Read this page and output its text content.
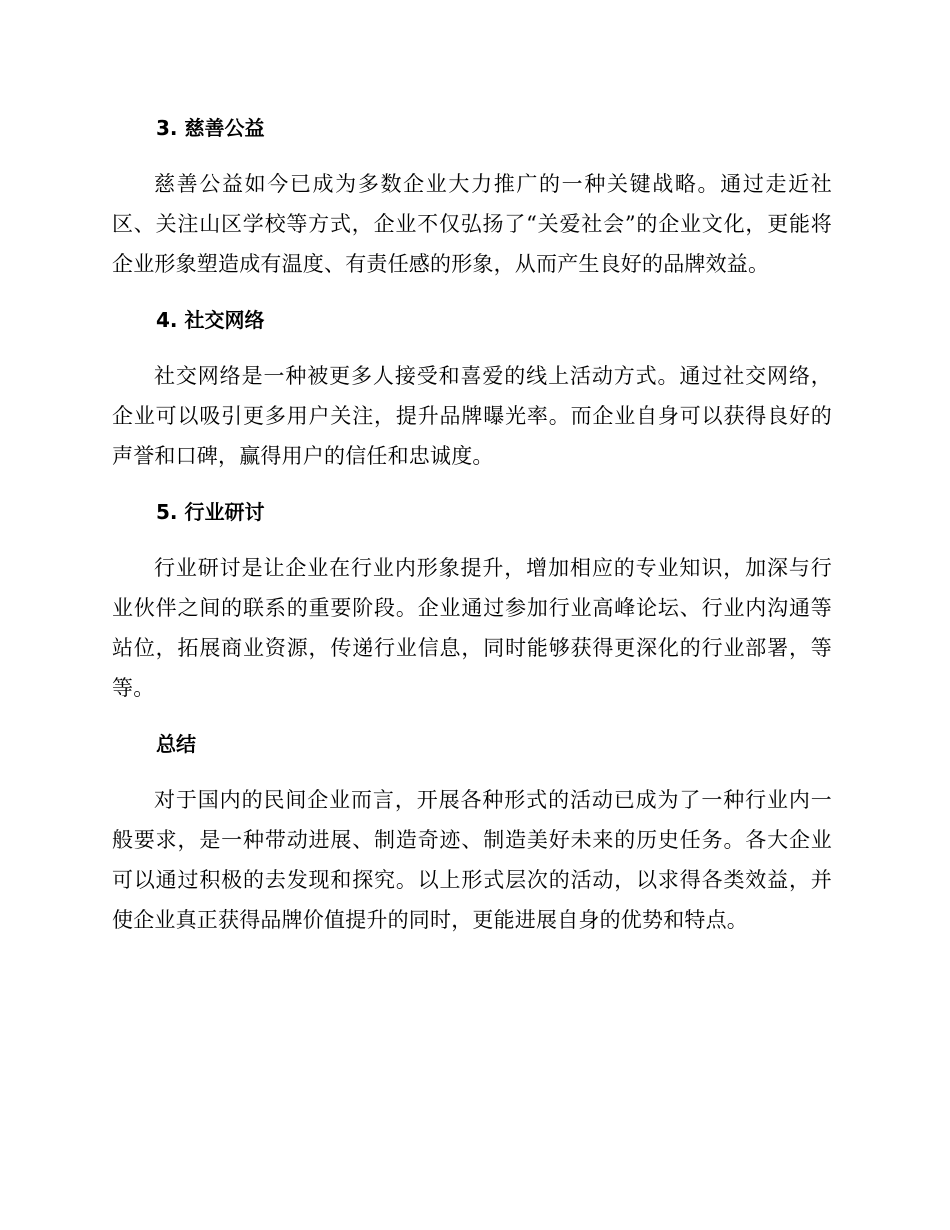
3. 慈善公益

慈善公益如今已成为多数企业大力推广的一种关键战略。通过走近社区、关注山区学校等方式，企业不仅弘扬了“关爱社会”的企业文化，更能将企业形象塑造成有温度、有责任感的形象，从而产生良好的品牌效益。

4. 社交网络

社交网络是一种被更多人接受和喜爱的线上活动方式。通过社交网络，企业可以吸引更多用户关注，提升品牌曝光率。而企业自身可以获得良好的声誉和口碑，赢得用户的信任和忠诚度。

5. 行业研讨

行业研讨是让企业在行业内形象提升，增加相应的专业知识，加深与行业伙伴之间的联系的重要阶段。企业通过参加行业高峰论坛、行业内沟通等站位，拓展商业资源，传递行业信息，同时能够获得更深化的行业部署，等等。

总结

对于国内的民间企业而言，开展各种形式的活动已成为了一种行业内一般要求，是一种带动进展、制造奇迹、制造美好未来的历史任务。各大企业可以通过积极的去发现和探究。以上形式层次的活动，以求得各类效益，并使企业真正获得品牌价值提升的同时，更能进展自身的优势和特点。
